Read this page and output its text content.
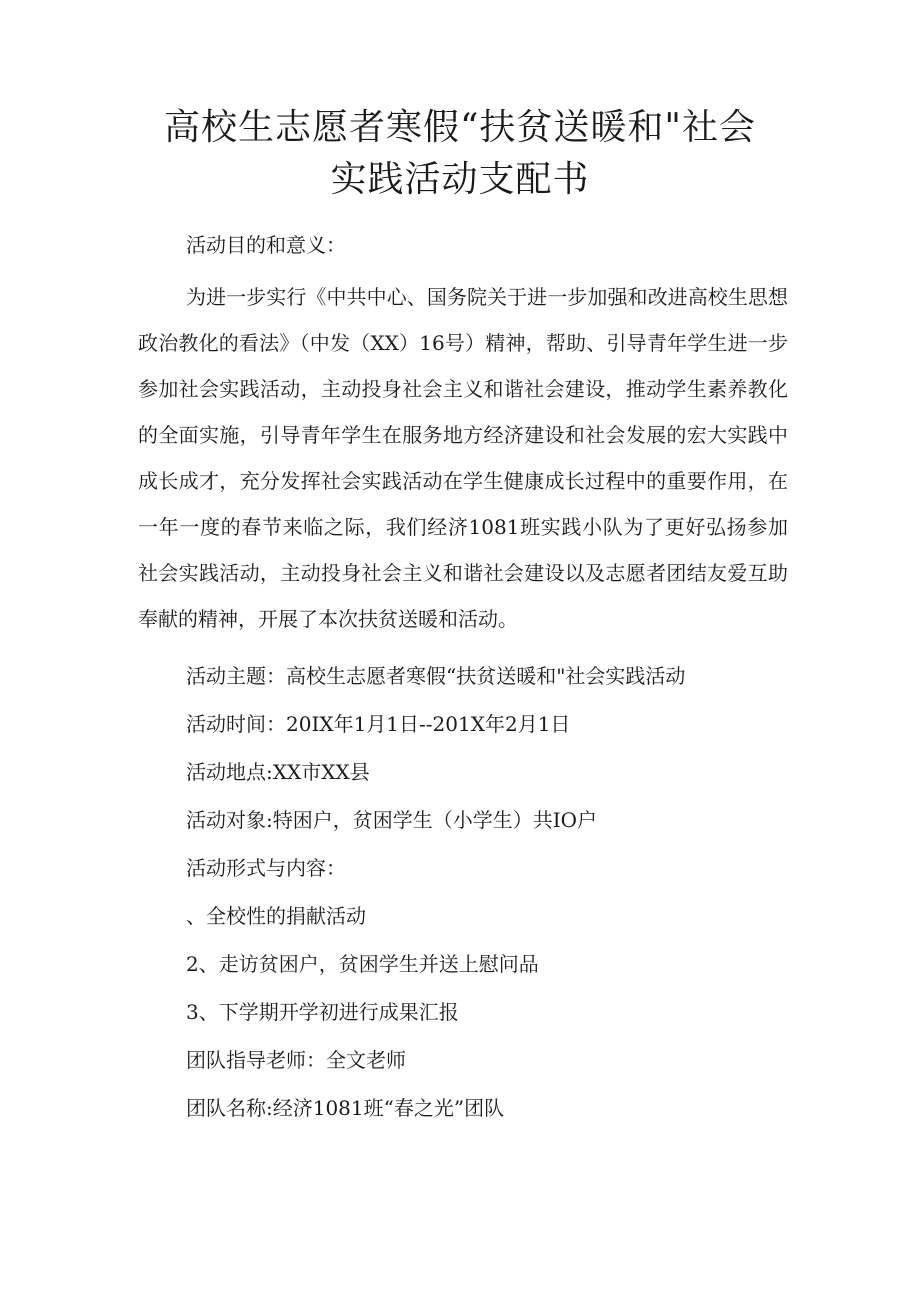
高校生志愿者寒假“扶贫送暖和"社会
实践活动支配书

活动目的和意义：

为进一步实行《中共中心、国务院关于进一步加强和改进高校生思想政治教化的看法》（中发（XX）16号）精神，帮助、引导青年学生进一步参加社会实践活动，主动投身社会主义和谐社会建设，推动学生素养教化的全面实施，引导青年学生在服务地方经济建设和社会发展的宏大实践中成长成才，充分发挥社会实践活动在学生健康成长过程中的重要作用，在一年一度的春节来临之际，我们经济1081班实践小队为了更好弘扬参加社会实践活动，主动投身社会主义和谐社会建设以及志愿者团结友爱互助奉献的精神，开展了本次扶贫送暖和活动。

活动主题：高校生志愿者寒假“扶贫送暖和"社会实践活动

活动时间：20IX年1月1日--201X年2月1日

活动地点:XX市XX县

活动对象:特困户，贫困学生（小学生）共IO户

活动形式与内容：

、全校性的捐献活动

2、走访贫困户，贫困学生并送上慰问品

3、下学期开学初进行成果汇报

团队指导老师：全文老师

团队名称:经济1081班“春之光”团队
